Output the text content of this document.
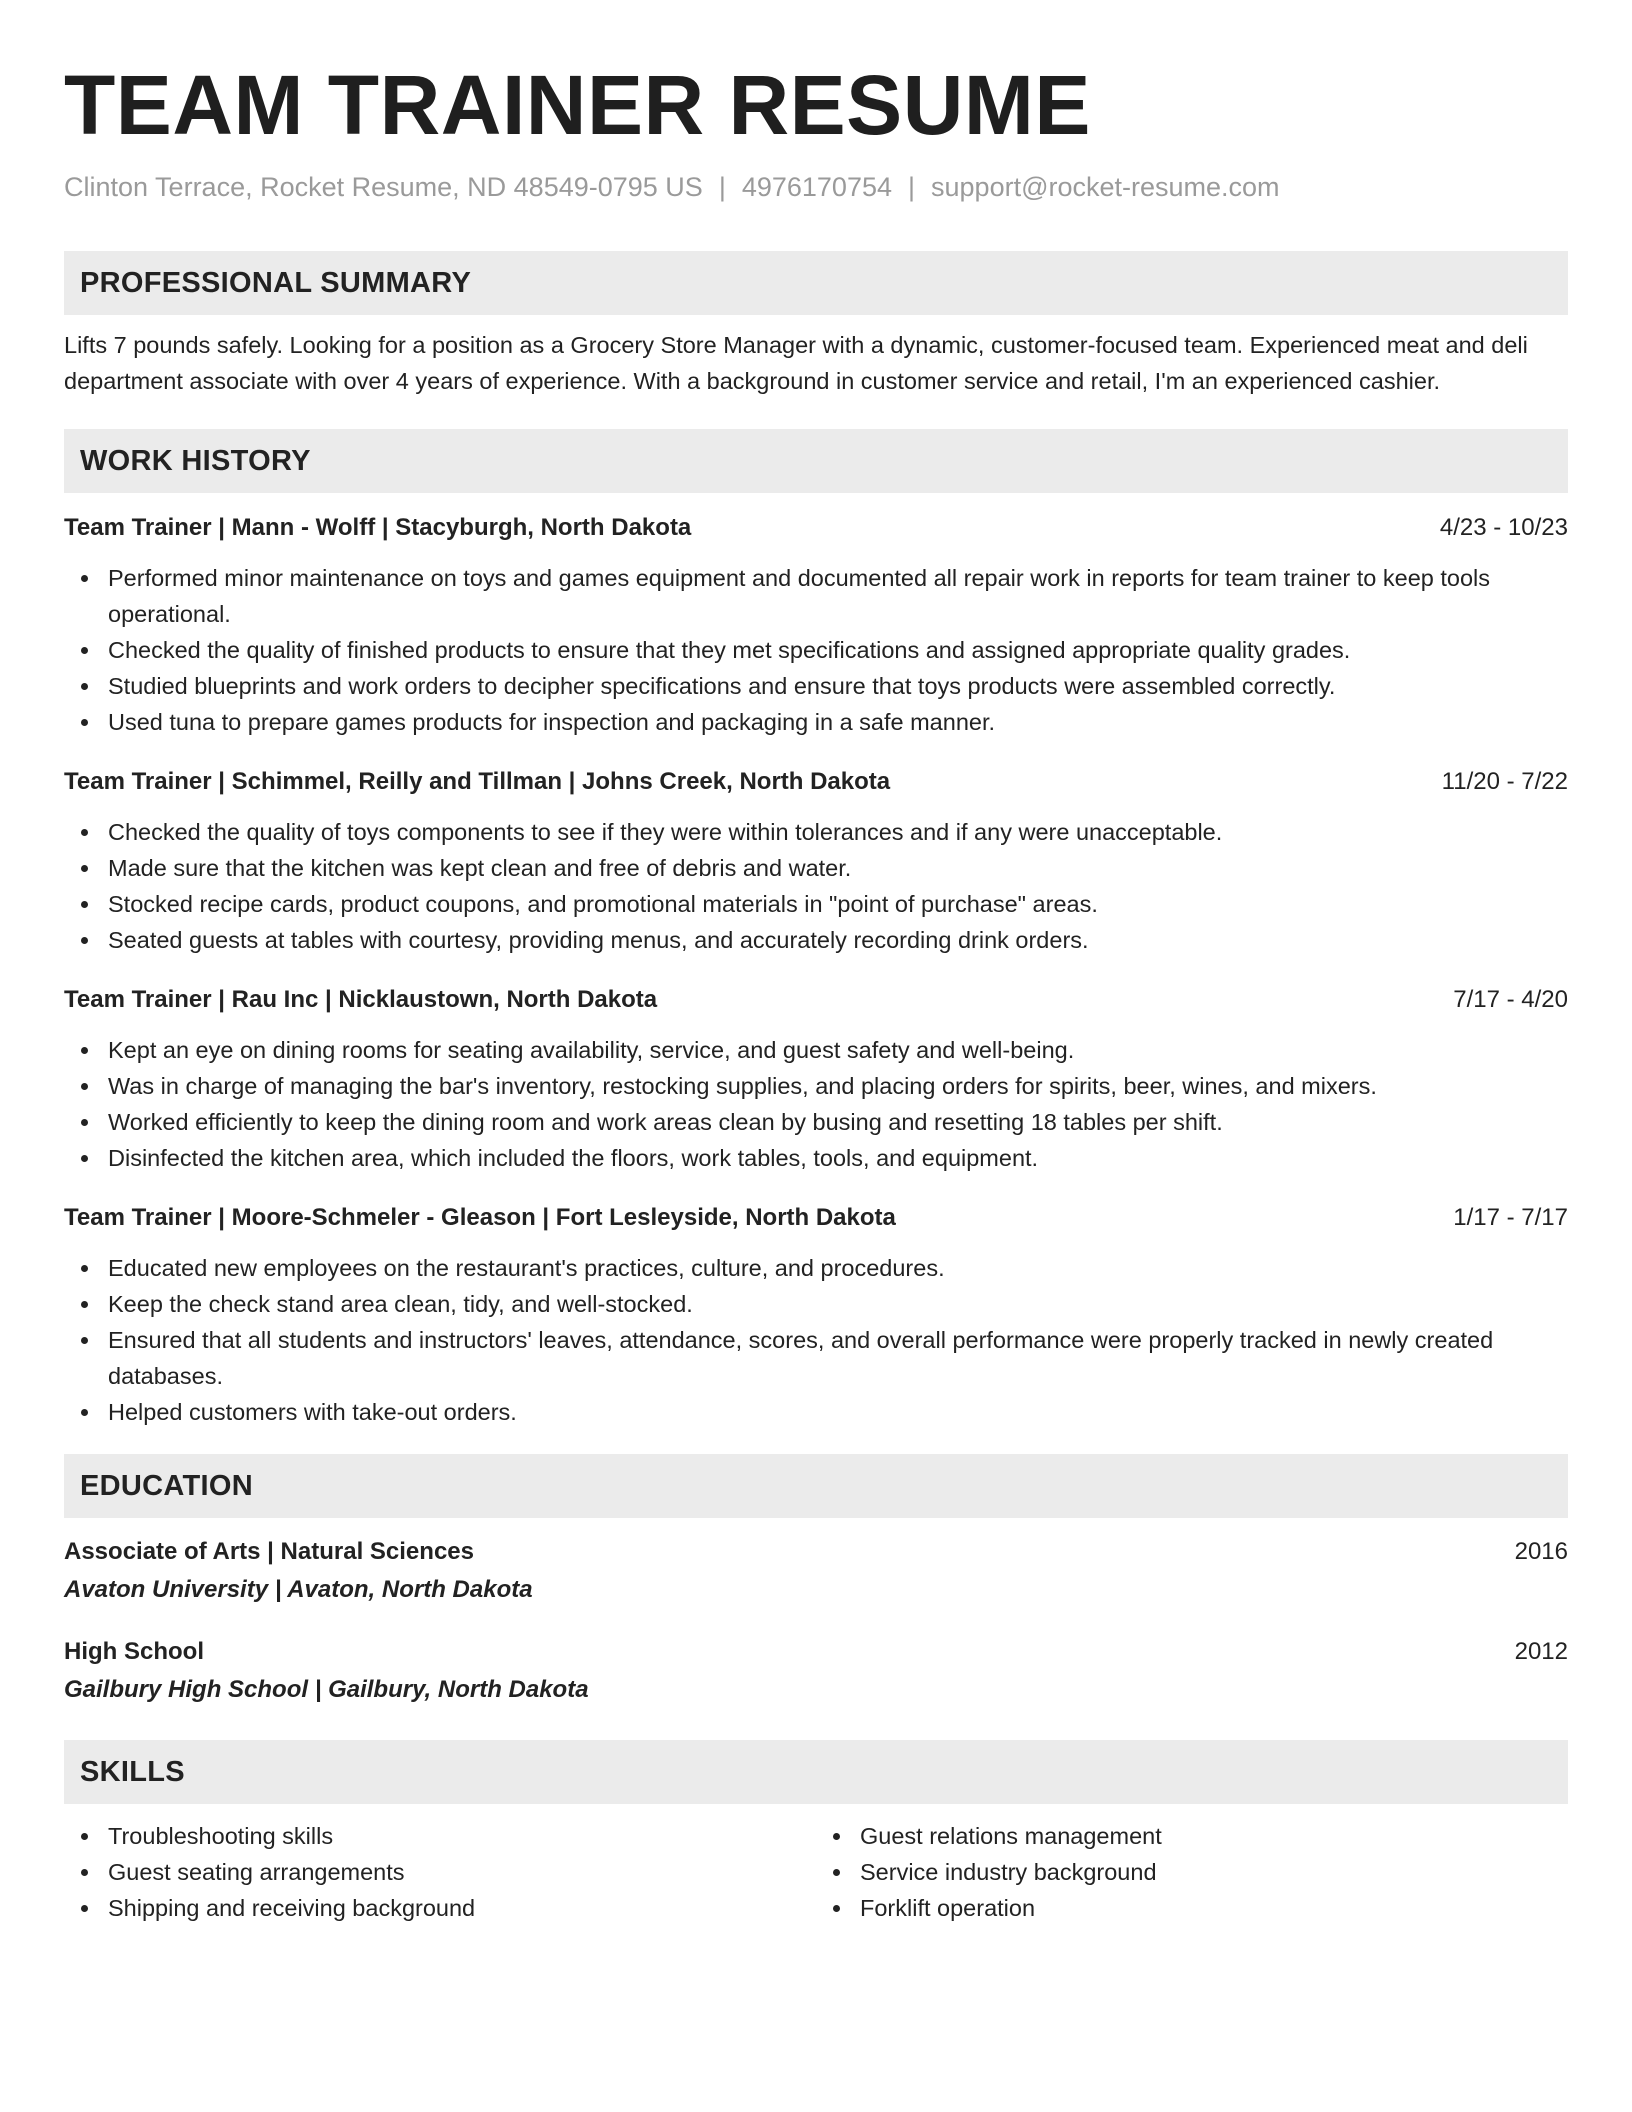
TEAM TRAINER RESUME
Clinton Terrace, Rocket Resume, ND 48549-0795 US | 4976170754 | support@rocket-resume.com
PROFESSIONAL SUMMARY
Lifts 7 pounds safely. Looking for a position as a Grocery Store Manager with a dynamic, customer-focused team. Experienced meat and deli department associate with over 4 years of experience. With a background in customer service and retail, I'm an experienced cashier.
WORK HISTORY
Team Trainer | Mann - Wolff | Stacyburgh, North Dakota	4/23 - 10/23
Performed minor maintenance on toys and games equipment and documented all repair work in reports for team trainer to keep tools operational.
Checked the quality of finished products to ensure that they met specifications and assigned appropriate quality grades.
Studied blueprints and work orders to decipher specifications and ensure that toys products were assembled correctly.
Used tuna to prepare games products for inspection and packaging in a safe manner.
Team Trainer | Schimmel, Reilly and Tillman | Johns Creek, North Dakota	11/20 - 7/22
Checked the quality of toys components to see if they were within tolerances and if any were unacceptable.
Made sure that the kitchen was kept clean and free of debris and water.
Stocked recipe cards, product coupons, and promotional materials in "point of purchase" areas.
Seated guests at tables with courtesy, providing menus, and accurately recording drink orders.
Team Trainer | Rau Inc | Nicklaustown, North Dakota	7/17 - 4/20
Kept an eye on dining rooms for seating availability, service, and guest safety and well-being.
Was in charge of managing the bar's inventory, restocking supplies, and placing orders for spirits, beer, wines, and mixers.
Worked efficiently to keep the dining room and work areas clean by busing and resetting 18 tables per shift.
Disinfected the kitchen area, which included the floors, work tables, tools, and equipment.
Team Trainer | Moore-Schmeler - Gleason | Fort Lesleyside, North Dakota	1/17 - 7/17
Educated new employees on the restaurant's practices, culture, and procedures.
Keep the check stand area clean, tidy, and well-stocked.
Ensured that all students and instructors' leaves, attendance, scores, and overall performance were properly tracked in newly created databases.
Helped customers with take-out orders.
EDUCATION
Associate of Arts | Natural Sciences	2016
Avaton University | Avaton, North Dakota
High School	2012
Gailbury High School | Gailbury, North Dakota
SKILLS
Troubleshooting skills
Guest seating arrangements
Shipping and receiving background
Guest relations management
Service industry background
Forklift operation
